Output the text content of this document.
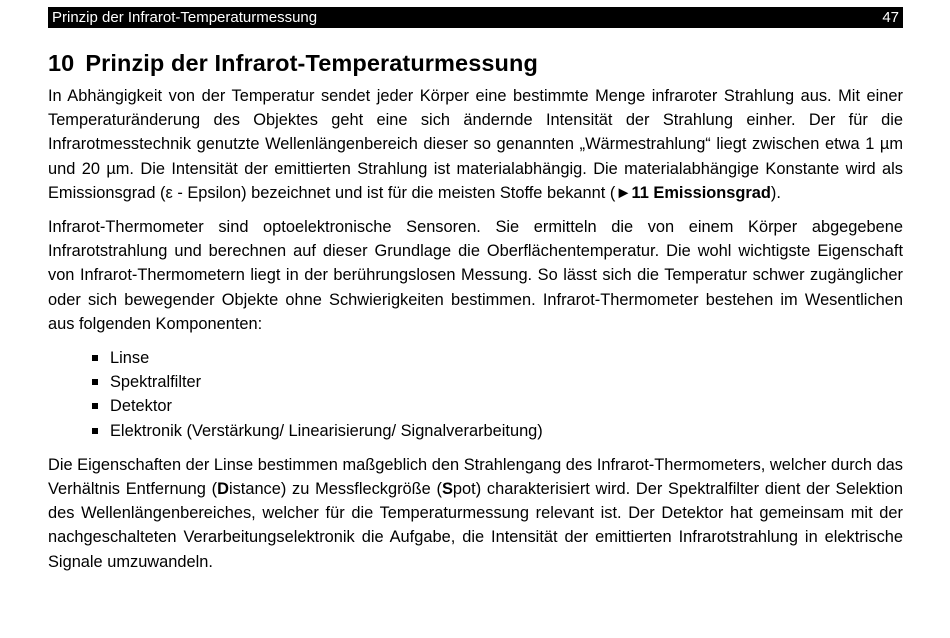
Prinzip der Infrarot-Temperaturmessung	47
10 Prinzip der Infrarot-Temperaturmessung

In Abhängigkeit von der Temperatur sendet jeder Körper eine bestimmte Menge infraroter Strahlung aus. Mit einer Temperaturänderung des Objektes geht eine sich ändernde Intensität der Strahlung einher. Der für die Infrarotmesstechnik genutzte Wellenlängenbereich dieser so genannten „Wärmestrahlung“ liegt zwischen etwa 1 µm und 20 µm. Die Intensität der emittierten Strahlung ist materialabhängig. Die materialabhängige Konstante wird als Emissionsgrad (ε - Epsilon) bezeichnet und ist für die meisten Stoffe bekannt (►11 Emissionsgrad).

Infrarot-Thermometer sind optoelektronische Sensoren. Sie ermitteln die von einem Körper abgegebene Infrarotstrahlung und berechnen auf dieser Grundlage die Oberflächentemperatur. Die wohl wichtigste Eigenschaft von Infrarot-Thermometern liegt in der berührungslosen Messung. So lässt sich die Temperatur schwer zugänglicher oder sich bewegender Objekte ohne Schwierigkeiten bestimmen. Infrarot-Thermometer bestehen im Wesentlichen aus folgenden Komponenten:

Linse
Spektralfilter
Detektor
Elektronik (Verstärkung/ Linearisierung/ Signalverarbeitung)

Die Eigenschaften der Linse bestimmen maßgeblich den Strahlengang des Infrarot-Thermometers, welcher durch das Verhältnis Entfernung (Distance) zu Messfleckgröße (Spot) charakterisiert wird. Der Spektralfilter dient der Selektion des Wellenlängenbereiches, welcher für die Temperaturmessung relevant ist. Der Detektor hat gemeinsam mit der nachgeschalteten Verarbeitungselektronik die Aufgabe, die Intensität der emittierten Infrarotstrahlung in elektrische Signale umzuwandeln.
